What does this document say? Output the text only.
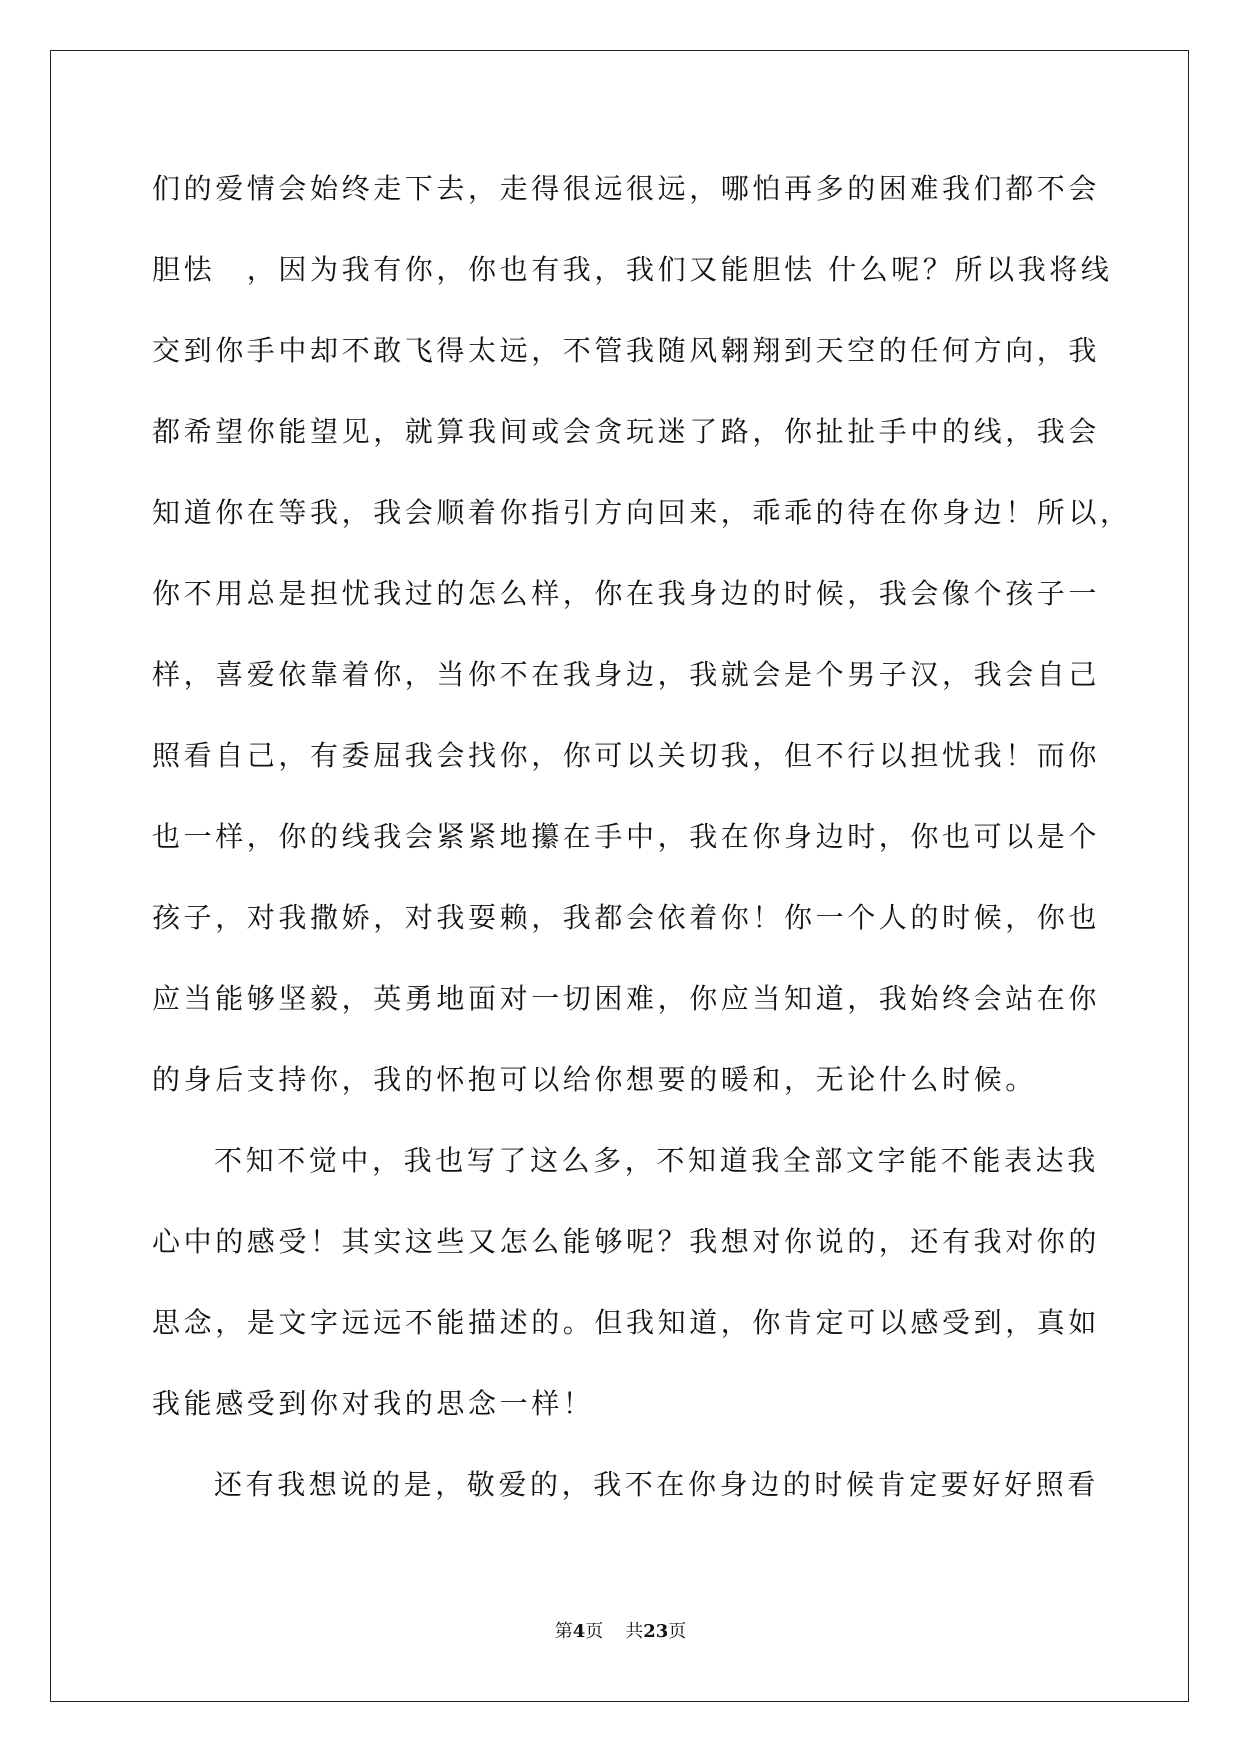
们的爱情会始终走下去，走得很远很远，哪怕再多的困难我们都不会
胆怯　，因为我有你，你也有我，我们又能胆怯 什么呢？所以我将线
交到你手中却不敢飞得太远，不管我随风翱翔到天空的任何方向，我
都希望你能望见，就算我间或会贪玩迷了路，你扯扯手中的线，我会
知道你在等我，我会顺着你指引方向回来，乖乖的待在你身边！所以，
你不用总是担忧我过的怎么样，你在我身边的时候，我会像个孩子一
样，喜爱依靠着你，当你不在我身边，我就会是个男子汉，我会自己
照看自己，有委屈我会找你，你可以关切我，但不行以担忧我！而你
也一样，你的线我会紧紧地攥在手中，我在你身边时，你也可以是个
孩子，对我撒娇，对我耍赖，我都会依着你！你一个人的时候，你也
应当能够坚毅，英勇地面对一切困难，你应当知道，我始终会站在你
的身后支持你，我的怀抱可以给你想要的暖和，无论什么时候。
不知不觉中，我也写了这么多，不知道我全部文字能不能表达我
心中的感受！其实这些又怎么能够呢？我想对你说的，还有我对你的
思念，是文字远远不能描述的。但我知道，你肯定可以感受到，真如
我能感受到你对我的思念一样！
还有我想说的是，敬爱的，我不在你身边的时候肯定要好好照看
第4页 共23页
